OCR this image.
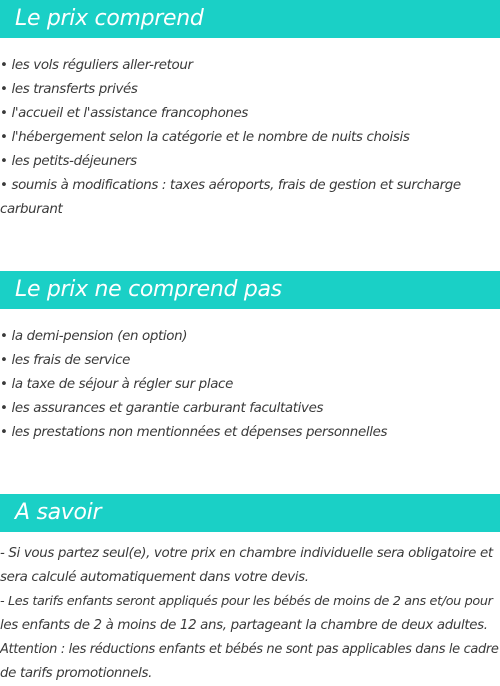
Le prix comprend
• les vols réguliers aller-retour
• les transferts privés
• l'accueil et l'assistance francophones
• l'hébergement selon la catégorie et le nombre de nuits choisis
• les petits-déjeuners
• soumis à modifications : taxes aéroports, frais de gestion et surcharge
carburant
Le prix ne comprend pas
• la demi-pension (en option)
• les frais de service
• la taxe de séjour à régler sur place
• les assurances et garantie carburant facultatives
• les prestations non mentionnées et dépenses personnelles
A savoir
- Si vous partez seul(e), votre prix en chambre individuelle sera obligatoire et
sera calculé automatiquement dans votre devis.
- Les tarifs enfants seront appliqués pour les bébés de moins de 2 ans et/ou pour
les enfants de 2 à moins de 12 ans, partageant la chambre de deux adultes.
Attention : les réductions enfants et bébés ne sont pas applicables dans le cadre
de tarifs promotionnels.
